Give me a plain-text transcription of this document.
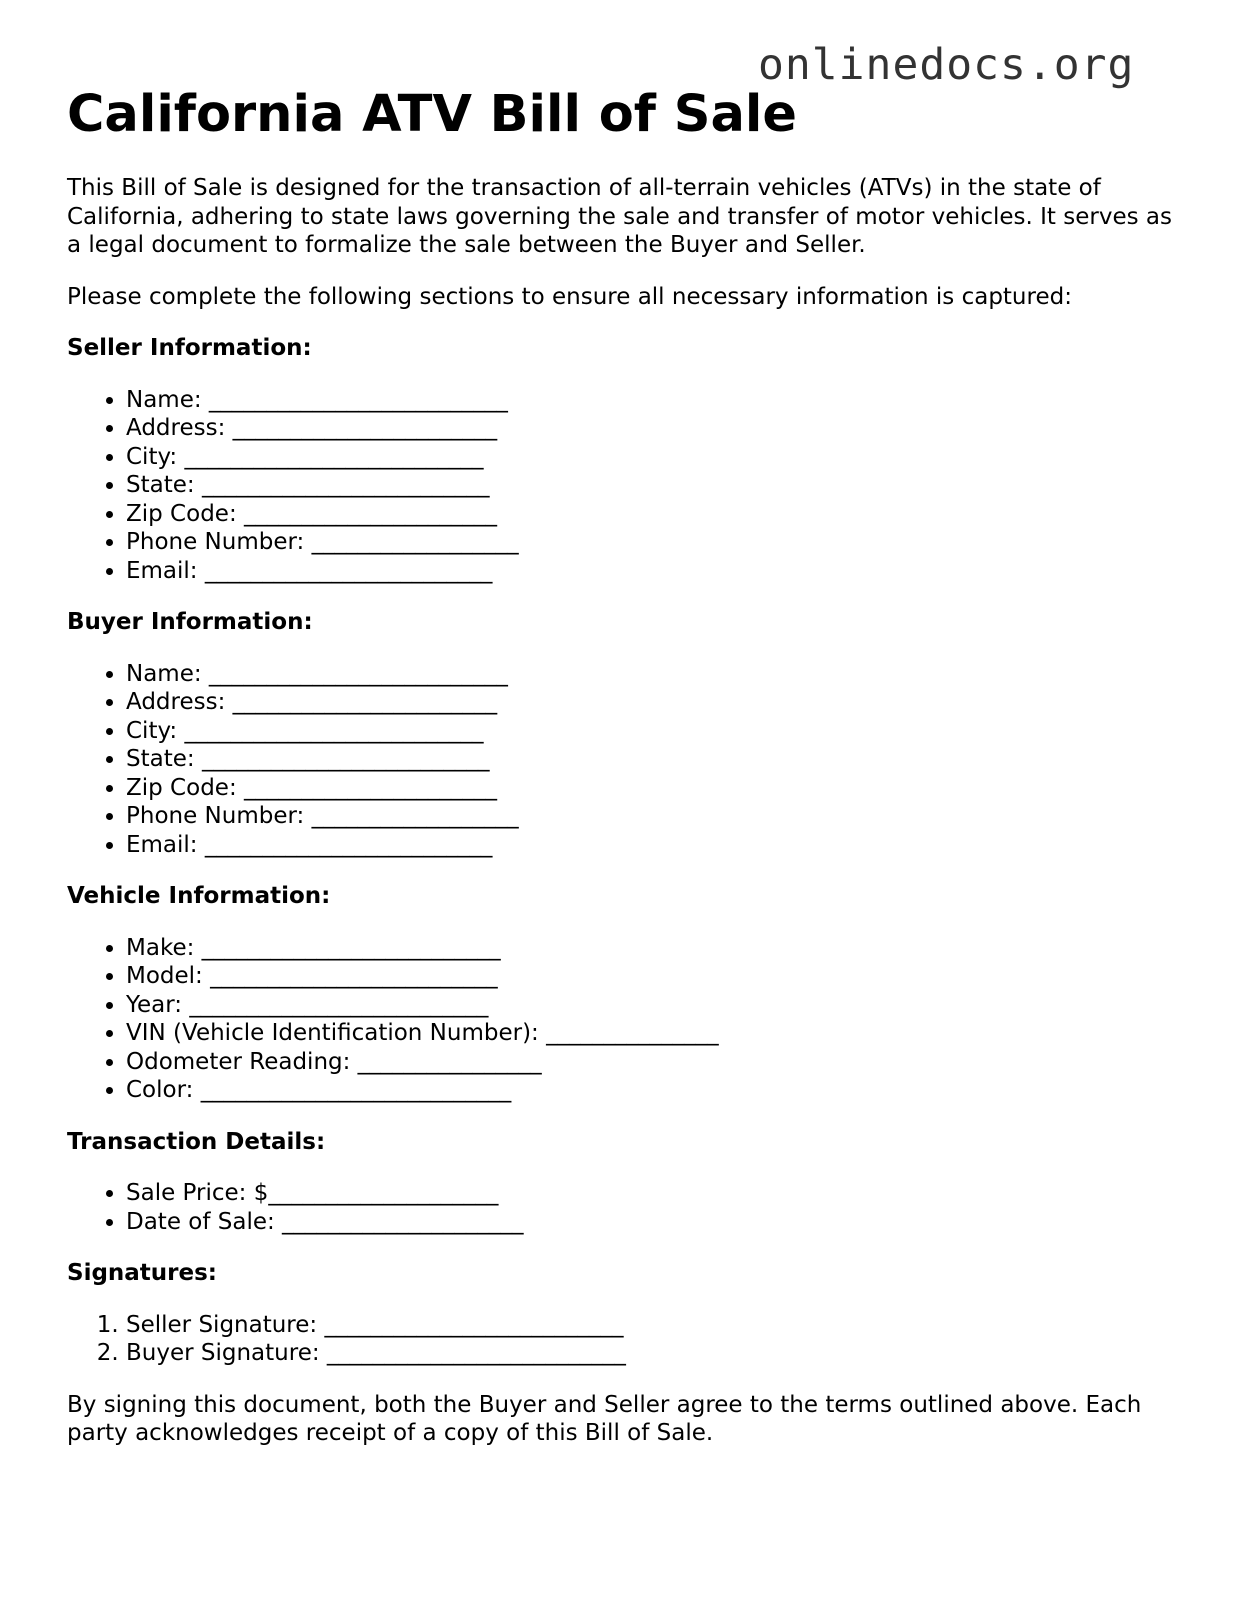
onlinedocs.org
California ATV Bill of Sale

This Bill of Sale is designed for the transaction of all-terrain vehicles (ATVs) in the state of California, adhering to state laws governing the sale and transfer of motor vehicles. It serves as a legal document to formalize the sale between the Buyer and Seller.

Please complete the following sections to ensure all necessary information is captured:

Seller Information:
• Name: __________________________
• Address: _______________________
• City: __________________________
• State: _________________________
• Zip Code: ______________________
• Phone Number: __________________
• Email: _________________________
Buyer Information:
• Name: __________________________
• Address: _______________________
• City: __________________________
• State: _________________________
• Zip Code: ______________________
• Phone Number: __________________
• Email: _________________________
Vehicle Information:
• Make: __________________________
• Model: _________________________
• Year: __________________________
• VIN (Vehicle Identification Number): _______________
• Odometer Reading: ________________
• Color: ___________________________
Transaction Details:
• Sale Price: $____________________
• Date of Sale: _____________________
Signatures:
1. Seller Signature: __________________________
2. Buyer Signature: __________________________

By signing this document, both the Buyer and Seller agree to the terms outlined above. Each party acknowledges receipt of a copy of this Bill of Sale.
